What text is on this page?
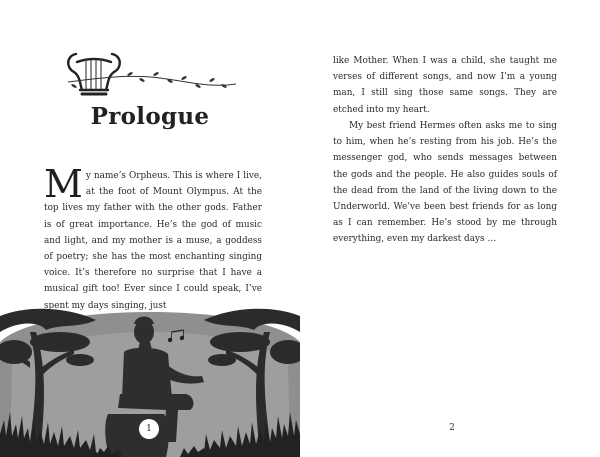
Prologue

My name’s Orpheus. This is where I live, at the foot of Mount Olympus. At the top lives my father with the other gods. Father is of great importance. He’s the god of music and light, and my mother is a muse, a goddess of poetry; she has the most enchanting singing voice. It’s therefore no surprise that I have a musical gift too! Ever since I could speak, I’ve spent my days singing, just

1

like Mother. When I was a child, she taught me verses of different songs, and now I’m a young man, I still sing those same songs. They are etched into my heart.

My best friend Hermes often asks me to sing to him, when he’s resting from his job. He’s the messenger god, who sends messages between the gods and the people. He also guides souls of the dead from the land of the living down to the Underworld. We’ve been best friends for as long as I can remember. He’s stood by me through everything, even my darkest days …

2
